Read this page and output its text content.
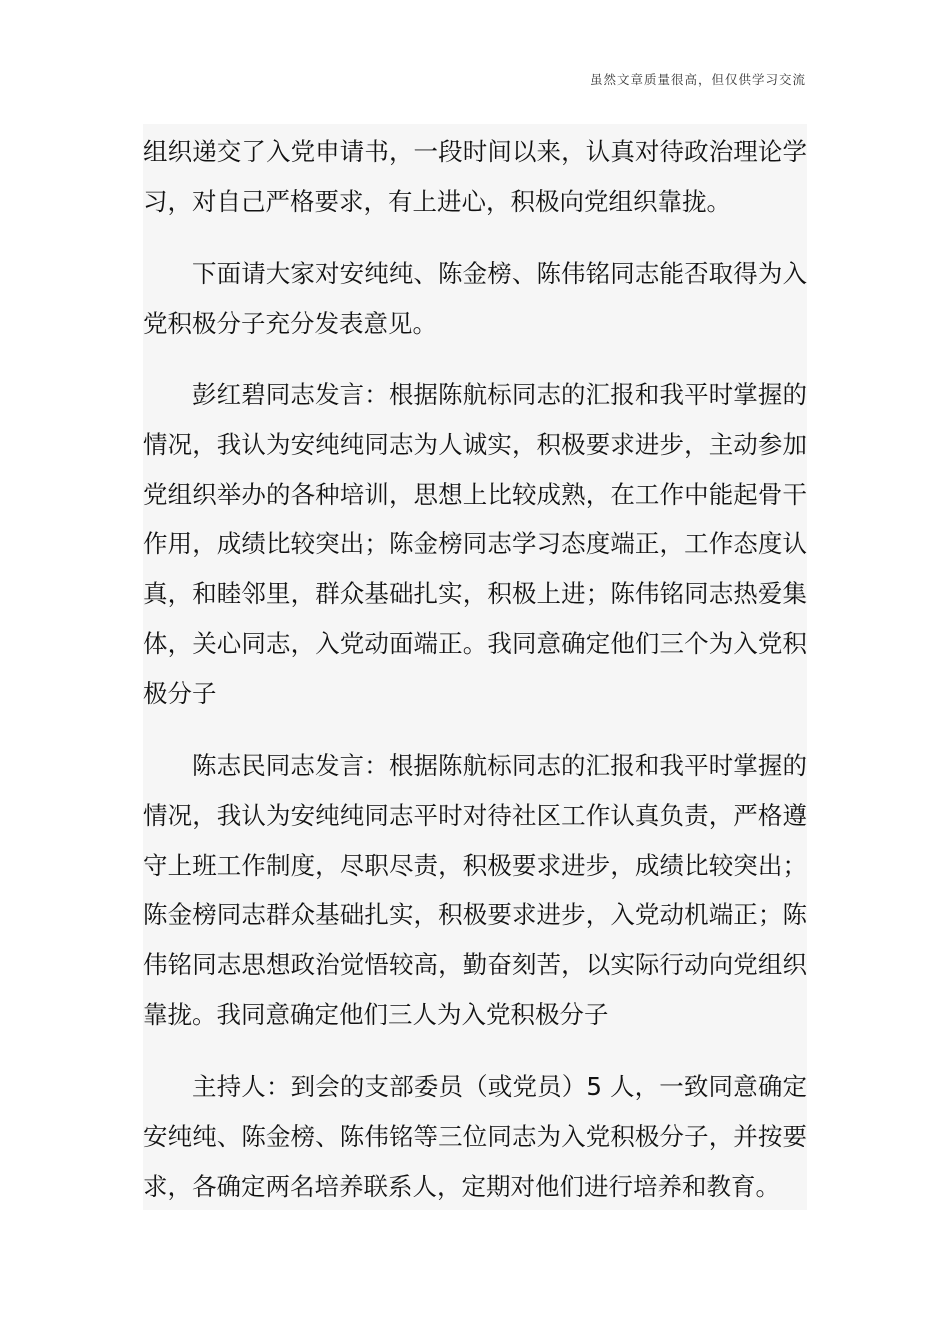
虽然文章质量很高，但仅供学习交流

组织递交了入党申请书，一段时间以来，认真对待政治理论学习，对自己严格要求，有上进心，积极向党组织靠拢。

下面请大家对安纯纯、陈金榜、陈伟铭同志能否取得为入党积极分子充分发表意见。

彭红碧同志发言：根据陈航标同志的汇报和我平时掌握的情况，我认为安纯纯同志为人诚实，积极要求进步，主动参加党组织举办的各种培训，思想上比较成熟，在工作中能起骨干作用，成绩比较突出；陈金榜同志学习态度端正，工作态度认真，和睦邻里，群众基础扎实，积极上进；陈伟铭同志热爱集体，关心同志，入党动面端正。我同意确定他们三个为入党积极分子

陈志民同志发言：根据陈航标同志的汇报和我平时掌握的情况，我认为安纯纯同志平时对待社区工作认真负责，严格遵守上班工作制度，尽职尽责，积极要求进步，成绩比较突出；陈金榜同志群众基础扎实，积极要求进步，入党动机端正；陈伟铭同志思想政治觉悟较高，勤奋刻苦，以实际行动向党组织靠拢。我同意确定他们三人为入党积极分子

主持人：到会的支部委员（或党员）5 人，一致同意确定安纯纯、陈金榜、陈伟铭等三位同志为入党积极分子，并按要求，各确定两名培养联系人，定期对他们进行培养和教育。
